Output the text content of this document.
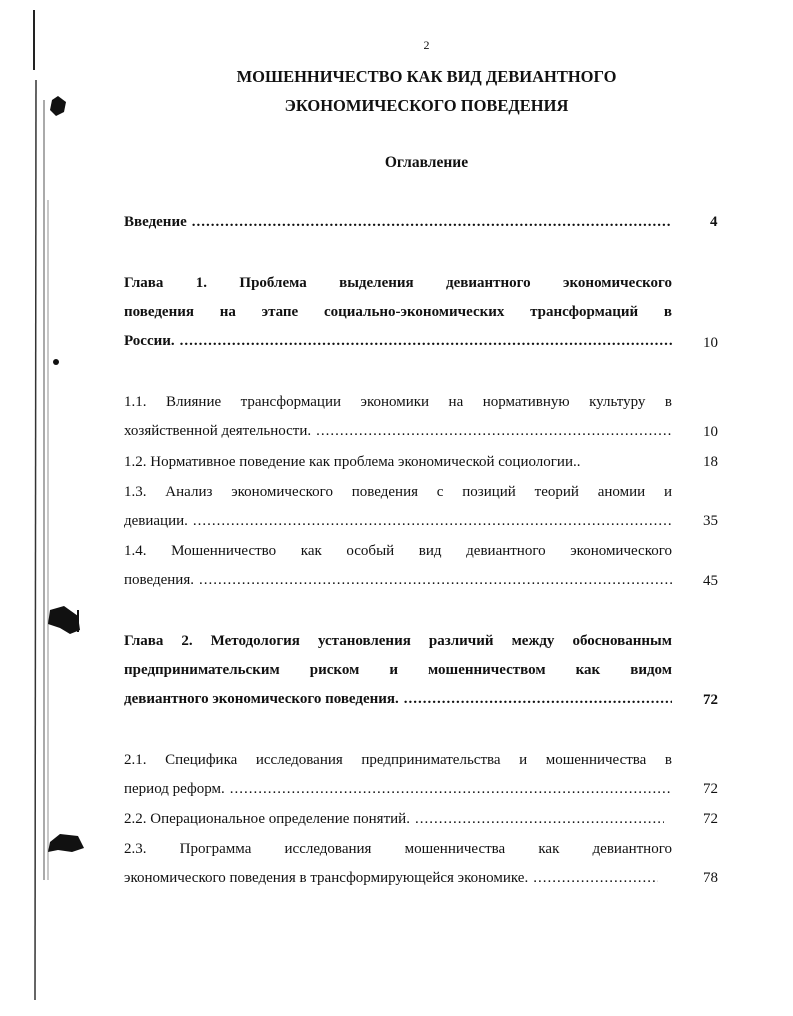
2
МОШЕННИЧЕСТВО КАК ВИД ДЕВИАНТНОГО
ЭКОНОМИЧЕСКОГО ПОВЕДЕНИЯ
Оглавление
Введение .....	4
Глава 1. Проблема выделения девиантного экономического
поведения на этапе социально-экономических трансформаций в
России. .....	10
1.1. Влияние трансформации экономики на нормативную культуру в
хозяйственной деятельности. .....	10
1.2. Нормативное поведение как проблема экономической социологии..	18
1.3. Анализ экономического поведения с позиций теорий аномии и
девиации. .....	35
1.4. Мошенничество как особый вид девиантного экономического
поведения. .....	45
Глава 2. Методология установления различий между обоснованным
предпринимательским риском и мошенничеством как видом
девиантного экономического поведения. .....	72
2.1. Специфика исследования предпринимательства и мошенничества в
период реформ. .....	72
2.2. Операциональное определение понятий. .....	72
2.3. Программа исследования мошенничества как девиантного
экономического поведения в трансформирующейся экономике. .....	78
